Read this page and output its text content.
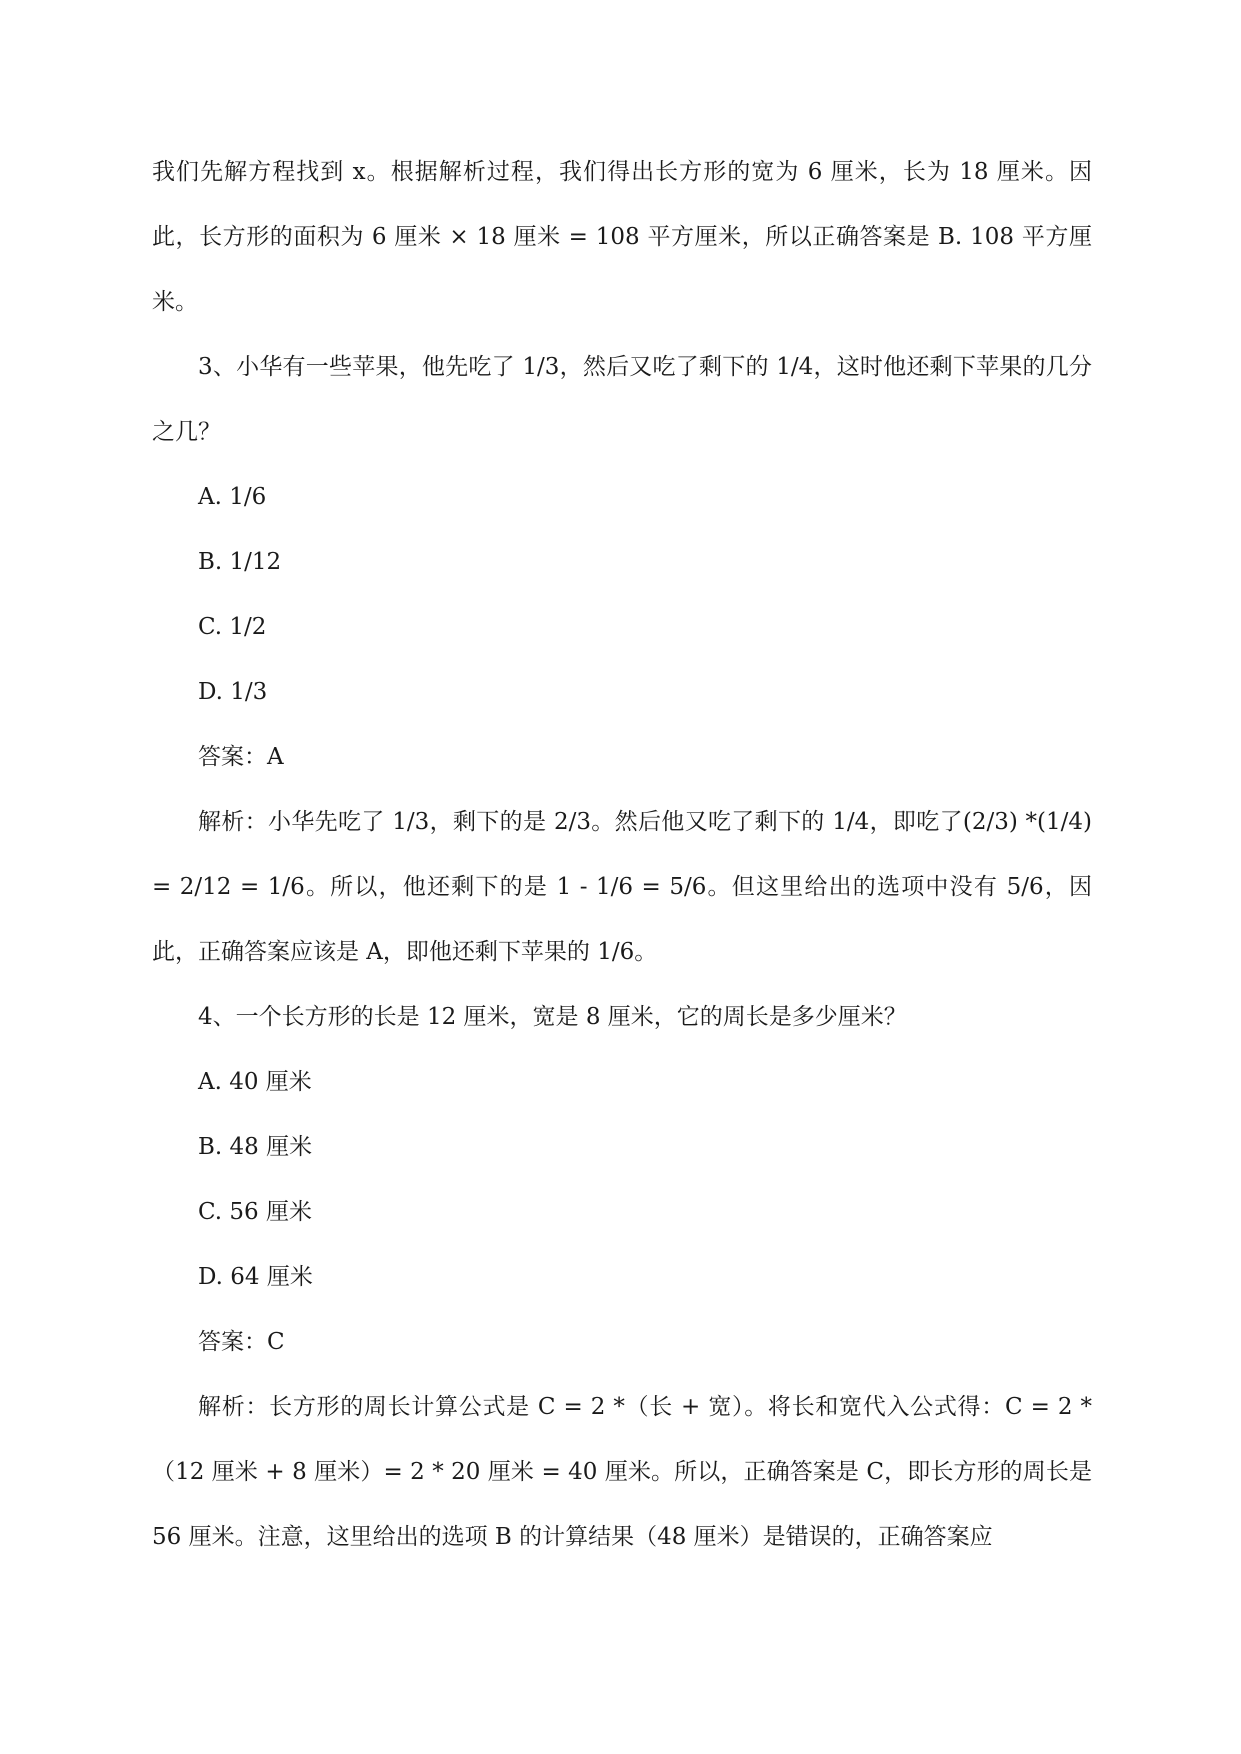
我们先解方程找到 x。根据解析过程，我们得出长方形的宽为 6 厘米，长为 18 厘米。因此，长方形的面积为 6 厘米 × 18 厘米 = 108 平方厘米，所以正确答案是 B. 108 平方厘米。

3、小华有一些苹果，他先吃了 1/3，然后又吃了剩下的 1/4，这时他还剩下苹果的几分之几？

A. 1/6

B. 1/12

C. 1/2

D. 1/3

答案：A

解析：小华先吃了 1/3，剩下的是 2/3。然后他又吃了剩下的 1/4，即吃了(2/3) *(1/4) = 2/12 = 1/6。所以，他还剩下的是 1 - 1/6 = 5/6。但这里给出的选项中没有 5/6，因此，正确答案应该是 A，即他还剩下苹果的 1/6。

4、一个长方形的长是 12 厘米，宽是 8 厘米，它的周长是多少厘米？

A. 40 厘米

B. 48 厘米

C. 56 厘米

D. 64 厘米

答案：C

解析：长方形的周长计算公式是 C = 2 *（长 + 宽）。将长和宽代入公式得：C = 2 *（12 厘米 + 8 厘米）= 2 * 20 厘米 = 40 厘米。所以，正确答案是 C，即长方形的周长是 56 厘米。注意，这里给出的选项 B 的计算结果（48 厘米）是错误的，正确答案应
